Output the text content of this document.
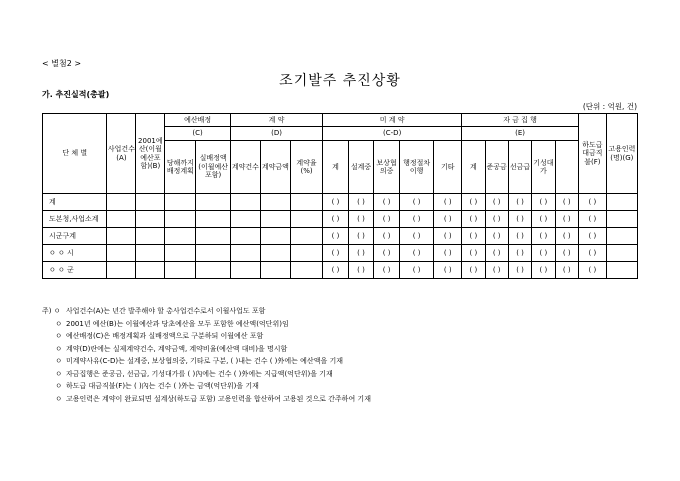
< 별첨2 >
조기발주 추진상황
가. 추진실적(총괄)
(단위 : 억원, 건)
단 체 별	사업건수(A)	2001예산(이월예산포함)(B)	예산배정		계 약			미 계 약					자 금 집 행					하도급대금직불(F)	고용인력(명)(G)
			(C)		(D)			(C-D)					(E)						
			당해까지배정계획	실배정액(이월예산포함)	계약건수	계약금액	계약율(%)	계	설계중	보상협의중	행정절차이행	기타	계	준공금	선금급	기성대가			
계								( )	( )	( )	( )	( )	( )	( )	( )	( )	( )	( )	
도본청,사업소계								( )	( )	( )	( )	( )	( )	( )	( )	( )	( )	( )	
시군구계								( )	( )	( )	( )	( )	( )	( )	( )	( )	( )	( )	
ㅇ ㅇ 시								( )	( )	( )	( )	( )	( )	( )	( )	( )	( )	( )	
ㅇ ㅇ 군								( )	( )	( )	( )	( )	( )	( )	( )	( )	( )	( )	
주) ㅇ 사업건수(A)는 년간 발주해야 할 총사업건수로서 이월사업도 포함
ㅇ 2001년 예산(B)는 이월예산과 당초예산을 모두 포함한 예산액(억단위)임
ㅇ 예산배정(C)은 배정계획과 실배정액으로 구분하되 이월예산 포함
ㅇ 계약(D)란에는 실제계약건수, 계약금액, 계약비율(예산액 대비)을 명시함
ㅇ 미계약사유(C-D)는 설계중, 보상협의중, 기타로 구분, ( )내는 건수 ( )外에는 예산액을 기재
ㅇ 자금집행은 준공금, 선금급, 기성대가를 ( )內에는 건수 ( )外에는 지급액(억단위)을 기재
ㅇ 하도급 대금직불(F)는 ( )內는 건수 ( )外는 금액(억단위)을 기재
ㅇ 고용인력은 계약이 완료되면 설계상(하도급 포함) 고용인력을 합산하여 고용된 것으로 간주하여 기재
